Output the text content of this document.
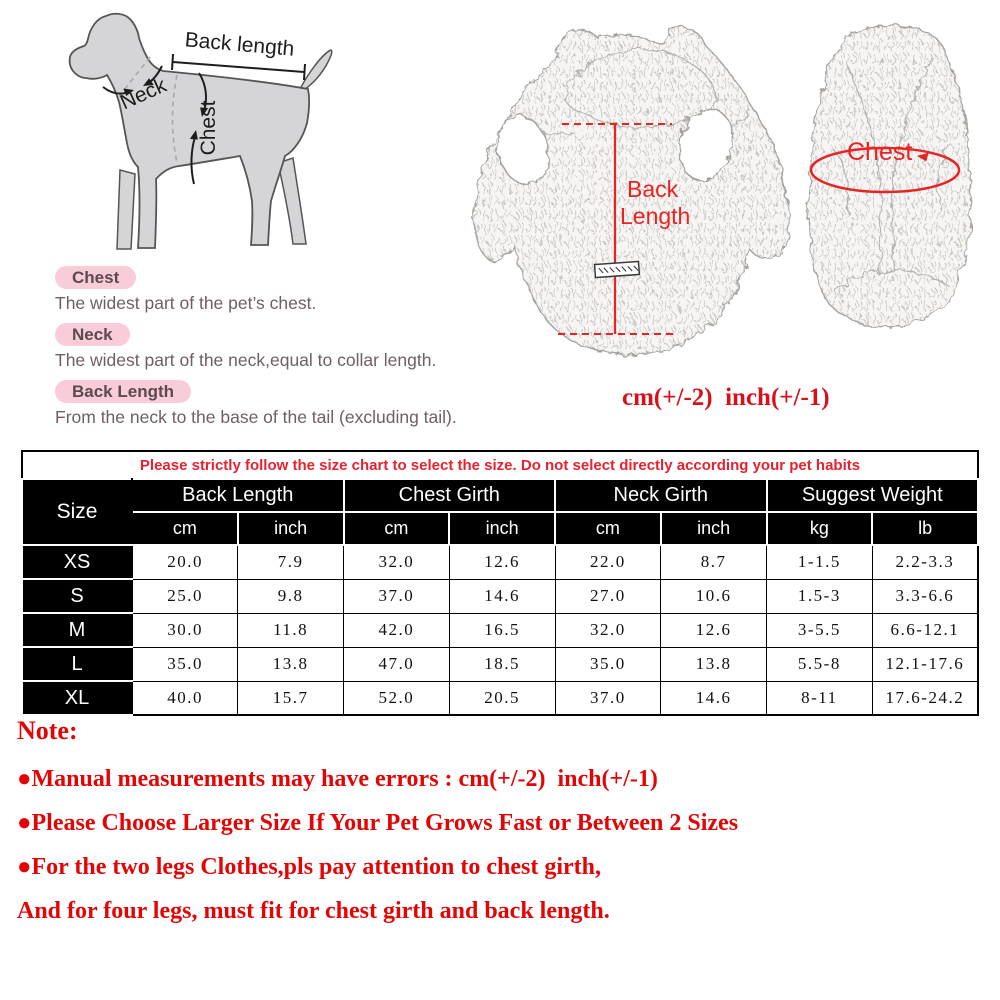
Back length
Neck
Chest
Back
Length
Chest
cm(+/-2)  inch(+/-1)
Chest
The widest part of the pet’s chest.
Neck
The widest part of the neck,equal to collar length.
Back Length
From the neck to the base of the tail (excluding tail).
Please strictly follow the size chart to select the size. Do not select directly according your pet habits								
Size	Back Length		Chest Girth		Neck Girth		Suggest Weight	
	cm	inch	cm	inch	cm	inch	kg	lb
XS	20.0	7.9	32.0	12.6	22.0	8.7	1-1.5	2.2-3.3
S	25.0	9.8	37.0	14.6	27.0	10.6	1.5-3	3.3-6.6
M	30.0	11.8	42.0	16.5	32.0	12.6	3-5.5	6.6-12.1
L	35.0	13.8	47.0	18.5	35.0	13.8	5.5-8	12.1-17.6
XL	40.0	15.7	52.0	20.5	37.0	14.6	8-11	17.6-24.2
Note:
●Manual measurements may have errors : cm(+/-2)  inch(+/-1)
●Please Choose Larger Size If Your Pet Grows Fast or Between 2 Sizes
●For the two legs Clothes,pls pay attention to chest girth,
And for four legs, must fit for chest girth and back length.
